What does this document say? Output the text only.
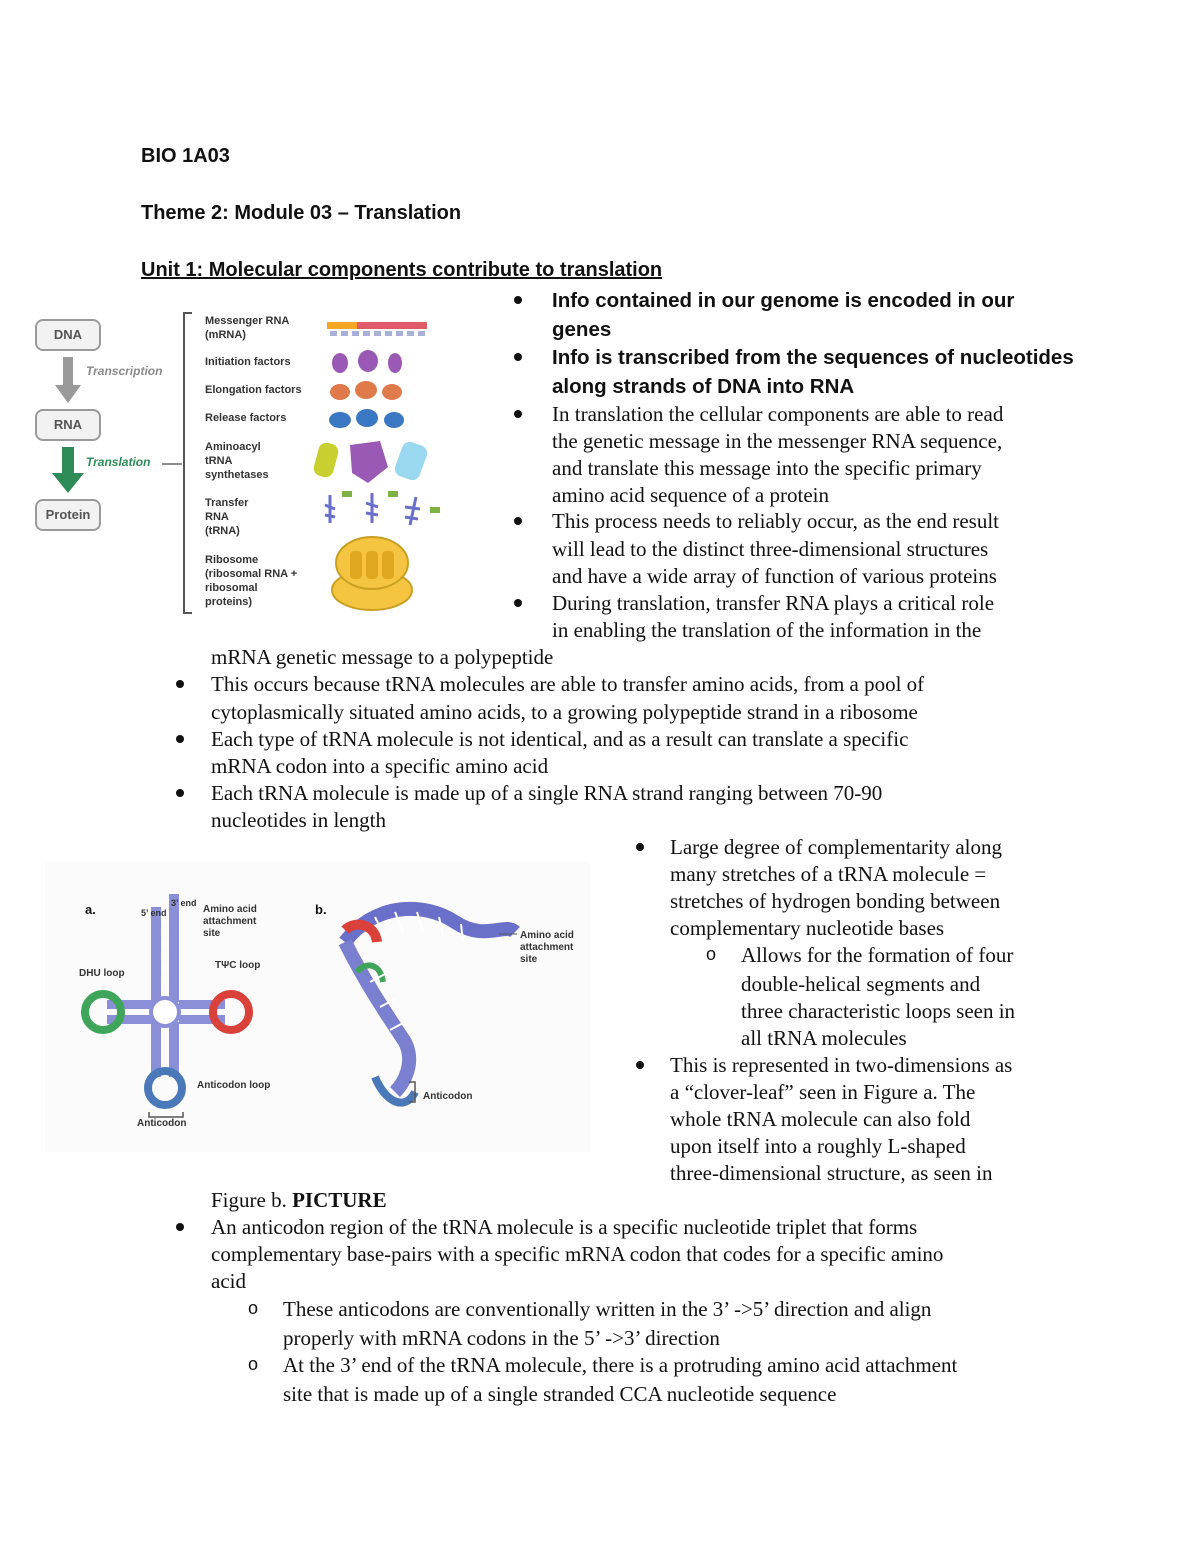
BIO 1A03
Theme 2: Module 03 – Translation
Unit 1: Molecular components contribute to translation
DNA
Transcription
RNA
Translation
Protein
Messenger RNA
(mRNA)
Initiation factors
Elongation factors
Release factors
Aminoacyl
tRNA
synthetases
Transfer
RNA
(tRNA)
Ribosome
(ribosomal RNA +
ribosomal
proteins)
Info contained in our genome is encoded in our
genes
Info is transcribed from the sequences of nucleotides
along strands of DNA into RNA
In translation the cellular components are able to read
the genetic message in the messenger RNA sequence,
and translate this message into the specific primary
amino acid sequence of a protein
This process needs to reliably occur, as the end result
will lead to the distinct three-dimensional structures
and have a wide array of function of various proteins
During translation, transfer RNA plays a critical role
in enabling the translation of the information in the
mRNA genetic message to a polypeptide
This occurs because tRNA molecules are able to transfer amino acids, from a pool of
cytoplasmically situated amino acids, to a growing polypeptide strand in a ribosome
Each type of tRNA molecule is not identical, and as a result can translate a specific
mRNA codon into a specific amino acid
Each tRNA molecule is made up of a single RNA strand ranging between 70-90
nucleotides in length
a.	3’ end
5’ end	Amino acid
attachment
site
DHU loop
TΨC loop
Anticodon loop
Anticodon
b.
CCA	Amino acid
attachment
site
Anticodon
Large degree of complementarity along
many stretches of a tRNA molecule =
stretches of hydrogen bonding between
complementary nucleotide bases
o Allows for the formation of four
double-helical segments and
three characteristic loops seen in
all tRNA molecules
This is represented in two-dimensions as
a “clover-leaf” seen in Figure a. The
whole tRNA molecule can also fold
upon itself into a roughly L-shaped
three-dimensional structure, as seen in
Figure b. PICTURE
An anticodon region of the tRNA molecule is a specific nucleotide triplet that forms
complementary base-pairs with a specific mRNA codon that codes for a specific amino
acid
o These anticodons are conventionally written in the 3’ ->5’ direction and align
properly with mRNA codons in the 5’ ->3’ direction
o At the 3’ end of the tRNA molecule, there is a protruding amino acid attachment
site that is made up of a single stranded CCA nucleotide sequence
